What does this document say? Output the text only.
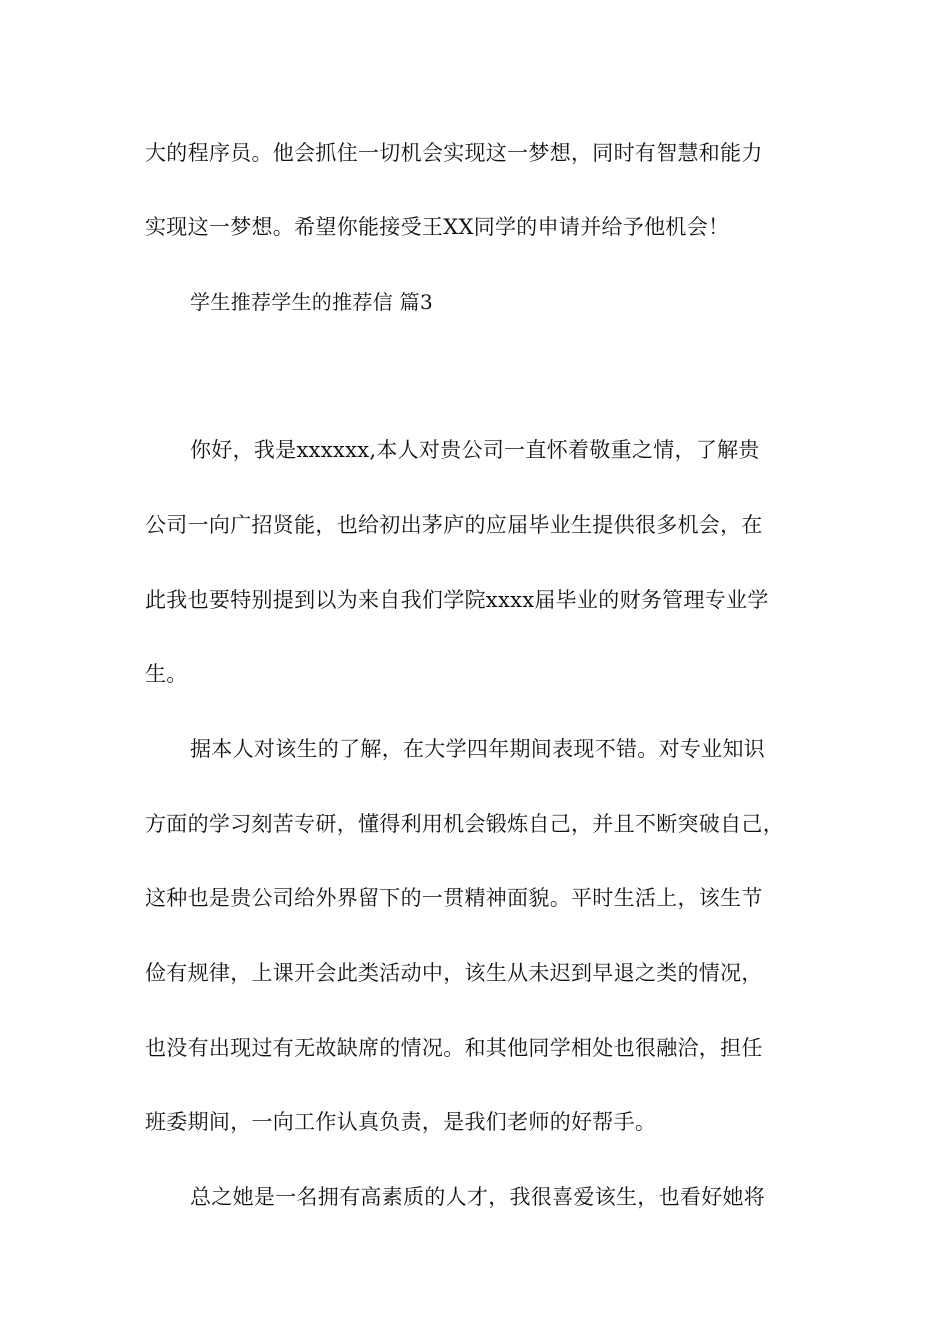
大的程序员。他会抓住一切机会实现这一梦想，同时有智慧和能力

实现这一梦想。希望你能接受王XX同学的申请并给予他机会！

学生推荐学生的推荐信 篇3

你好，我是xxxxxx,本人对贵公司一直怀着敬重之情，了解贵

公司一向广招贤能，也给初出茅庐的应届毕业生提供很多机会，在

此我也要特别提到以为来自我们学院xxxx届毕业的财务管理专业学

生。

据本人对该生的了解，在大学四年期间表现不错。对专业知识

方面的学习刻苦专研，懂得利用机会锻炼自己，并且不断突破自己，

这种也是贵公司给外界留下的一贯精神面貌。平时生活上，该生节

俭有规律，上课开会此类活动中，该生从未迟到早退之类的情况，

也没有出现过有无故缺席的情况。和其他同学相处也很融洽，担任

班委期间，一向工作认真负责，是我们老师的好帮手。

总之她是一名拥有高素质的人才，我很喜爱该生，也看好她将
